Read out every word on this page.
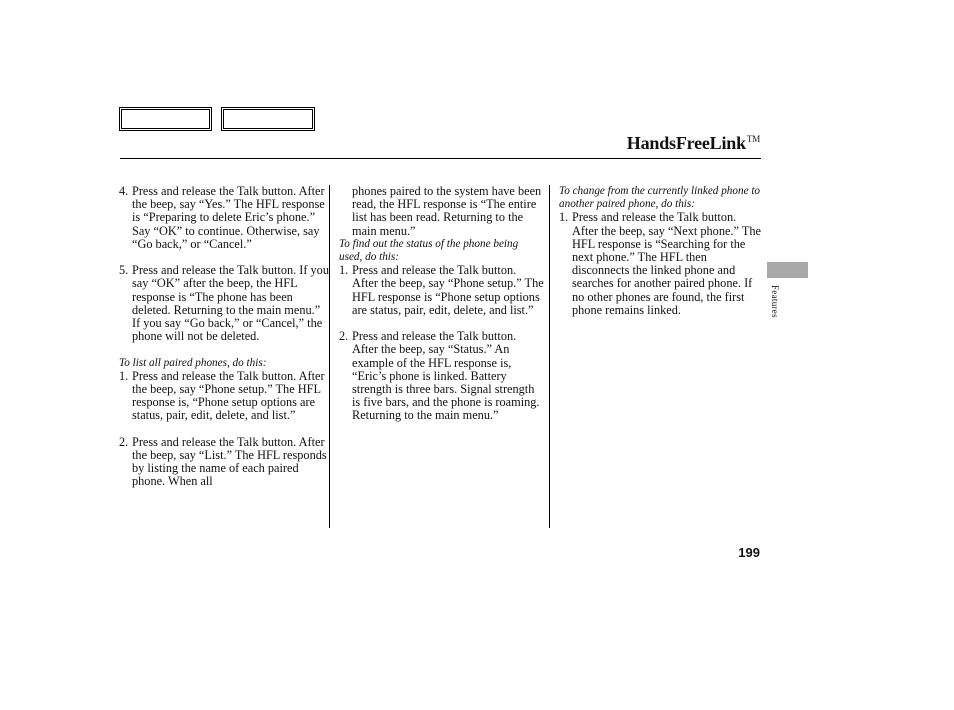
HandsFreeLink™
4. Press and release the Talk button. After the beep, say “Yes.” The HFL response is “Preparing to delete Eric’s phone.” Say “OK” to continue. Otherwise, say “Go back,” or “Cancel.”
5. Press and release the Talk button. If you say “OK” after the beep, the HFL response is “The phone has been deleted. Returning to the main menu.” If you say “Go back,” or “Cancel,” the phone will not be deleted.

To list all paired phones, do this:

1. Press and release the Talk button. After the beep, say “Phone setup.” The HFL response is, “Phone setup options are status, pair, edit, delete, and list.”
2. Press and release the Talk button. After the beep, say “List.” The HFL responds by listing the name of each paired phone. When all

phones paired to the system have been read, the HFL response is “The entire list has been read. Returning to the main menu.”

To find out the status of the phone being used, do this:

1. Press and release the Talk button. After the beep, say “Phone setup.” The HFL response is “Phone setup options are status, pair, edit, delete, and list.”
2. Press and release the Talk button. After the beep, say “Status.” An example of the HFL response is, “Eric’s phone is linked. Battery strength is three bars. Signal strength is five bars, and the phone is roaming. Returning to the main menu.”

To change from the currently linked phone to another paired phone, do this:

1. Press and release the Talk button. After the beep, say “Next phone.” The HFL response is “Searching for the next phone.” The HFL then disconnects the linked phone and searches for another paired phone. If no other phones are found, the first phone remains linked.	Features
199
